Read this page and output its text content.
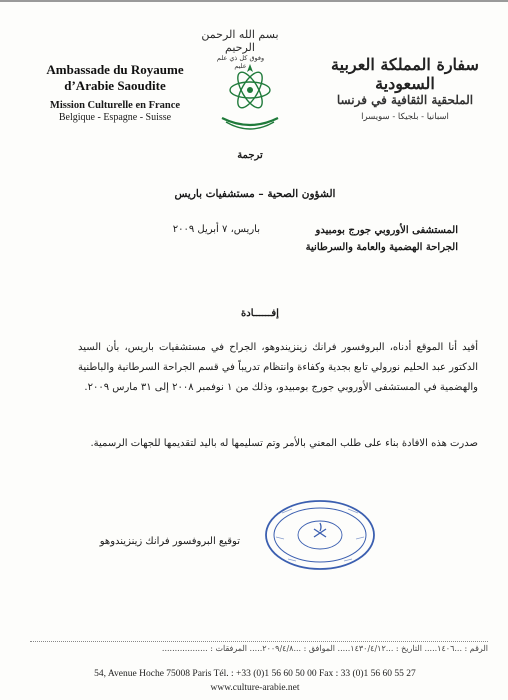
Ambassade du Royaume d’Arabie Saoudite
Mission Culturelle en France
Belgique - Espagne - Suisse
بسم الله الرحمن الرحيم
وفوق كل ذي علم عليم	سفارة المملكة العربية السعودية
الملحقية الثقافية في فرنسا
اسبانيا - بلجيكا - سويسرا
ترجمة
الشؤون الصحية – مستشفيات باريس
المستشفى الأوروبي جورج بومبيدو
الجراحة الهضمية والعامة والسرطانية
باريس، ٧ أبريل ٢٠٠٩
إفــــــادة
أفيد أنا الموقع أدناه، البروفسور فرانك زينزيندوهو، الجراح في مستشفيات باريس، بأن السيد الدكتور عبد الحليم نورولي تابع بجدية وكفاءة وانتظام تدريباً في قسم الجراحة السرطانية والباطنية والهضمية في المستشفى الأوروبي جورج بومبيدو، وذلك من ١ نوفمبر ٢٠٠٨ إلى ٣١ مارس ٢٠٠٩.
صدرت هذه الافادة بناء على طلب المعني بالأمر وتم تسليمها له باليد لتقديمها للجهات الرسمية.
توقيع البروفسور فرانك زينزيندوهو
الرقم : ...١٤٠٦..... التاريخ : ...١٤٣٠/٤/١٢..... الموافق : ...٢٠٠٩/٤/٨..... المرفقات : ..................
54, Avenue Hoche 75008 Paris Tél. : +33 (0)1 56 60 50 00 Fax : 33 (0)1 56 60 55 27
www.culture-arabie.net
